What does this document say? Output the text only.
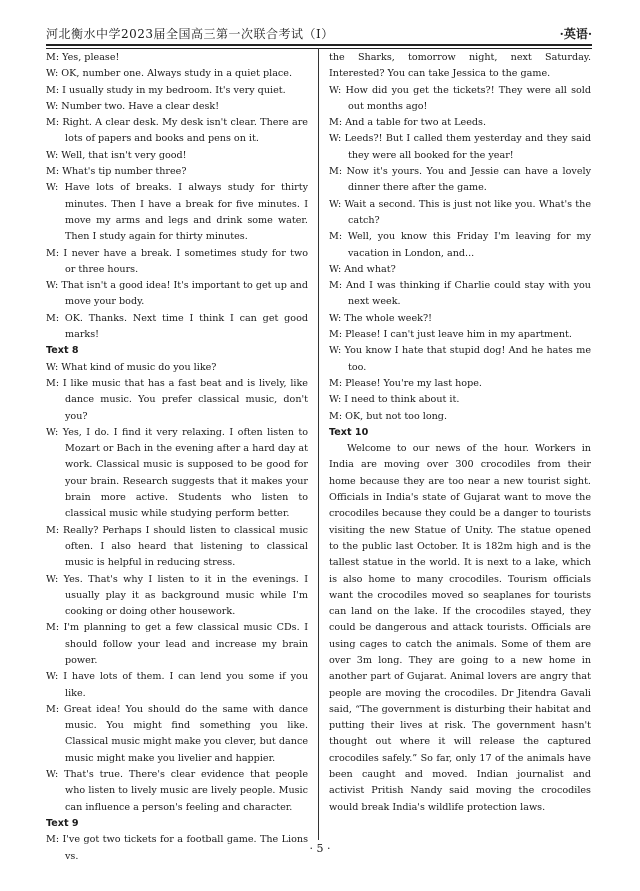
河北衡水中学2023届全国高三第一次联合考试（Ⅰ）	·英语·

M: Yes, please!

W: OK, number one. Always study in a quiet place.

M: I usually study in my bedroom. It's very quiet.

W: Number two. Have a clear desk!

M: Right. A clear desk. My desk isn't clear. There are lots of papers and books and pens on it.

W: Well, that isn't very good!

M: What's tip number three?

W: Have lots of breaks. I always study for thirty minutes. Then I have a break for five minutes. I move my arms and legs and drink some water. Then I study again for thirty minutes.

M: I never have a break. I sometimes study for two or three hours.

W: That isn't a good idea! It's important to get up and move your body.

M: OK. Thanks. Next time I think I can get good marks!

Text 8

W: What kind of music do you like?

M: I like music that has a fast beat and is lively, like dance music. You prefer classical music, don't you?

W: Yes, I do. I find it very relaxing. I often listen to Mozart or Bach in the evening after a hard day at work. Classical music is supposed to be good for your brain. Research suggests that it makes your brain more active. Students who listen to classical music while studying perform better.

M: Really? Perhaps I should listen to classical music often. I also heard that listening to classical music is helpful in reducing stress.

W: Yes. That's why I listen to it in the evenings. I usually play it as background music while I'm cooking or doing other housework.

M: I'm planning to get a few classical music CDs. I should follow your lead and increase my brain power.

W: I have lots of them. I can lend you some if you like.

M: Great idea! You should do the same with dance music. You might find something you like. Classical music might make you clever, but dance music might make you livelier and happier.

W: That's true. There's clear evidence that people who listen to lively music are lively people. Music can influence a person's feeling and character.

Text 9

M: I've got two tickets for a football game. The Lions vs.

the Sharks, tomorrow night, next Saturday. Interested? You can take Jessica to the game.

W: How did you get the tickets?! They were all sold out months ago!

M: And a table for two at Leeds.

W: Leeds?! But I called them yesterday and they said they were all booked for the year!

M: Now it's yours. You and Jessie can have a lovely dinner there after the game.

W: Wait a second. This is just not like you. What's the catch?

M: Well, you know this Friday I'm leaving for my vacation in London, and...

W: And what?

M: And I was thinking if Charlie could stay with you next week.

W: The whole week?!

M: Please! I can't just leave him in my apartment.

W: You know I hate that stupid dog! And he hates me too.

M: Please! You're my last hope.

W: I need to think about it.

M: OK, but not too long.

Text 10

Welcome to our news of the hour. Workers in India are moving over 300 crocodiles from their home because they are too near a new tourist sight. Officials in India's state of Gujarat want to move the crocodiles because they could be a danger to tourists visiting the new Statue of Unity. The statue opened to the public last October. It is 182m high and is the tallest statue in the world. It is next to a lake, which is also home to many crocodiles. Tourism officials want the crocodiles moved so seaplanes for tourists can land on the lake. If the crocodiles stayed, they could be dangerous and attack tourists. Officials are using cages to catch the animals. Some of them are over 3m long. They are going to a new home in another part of Gujarat. Animal lovers are angry that people are moving the crocodiles. Dr Jitendra Gavali said, “The government is disturbing their habitat and putting their lives at risk. The government hasn't thought out where it will release the captured crocodiles safely.” So far, only 17 of the animals have been caught and moved. Indian journalist and activist Pritish Nandy said moving the crocodiles would break India's wildlife protection laws.

· 5 ·
